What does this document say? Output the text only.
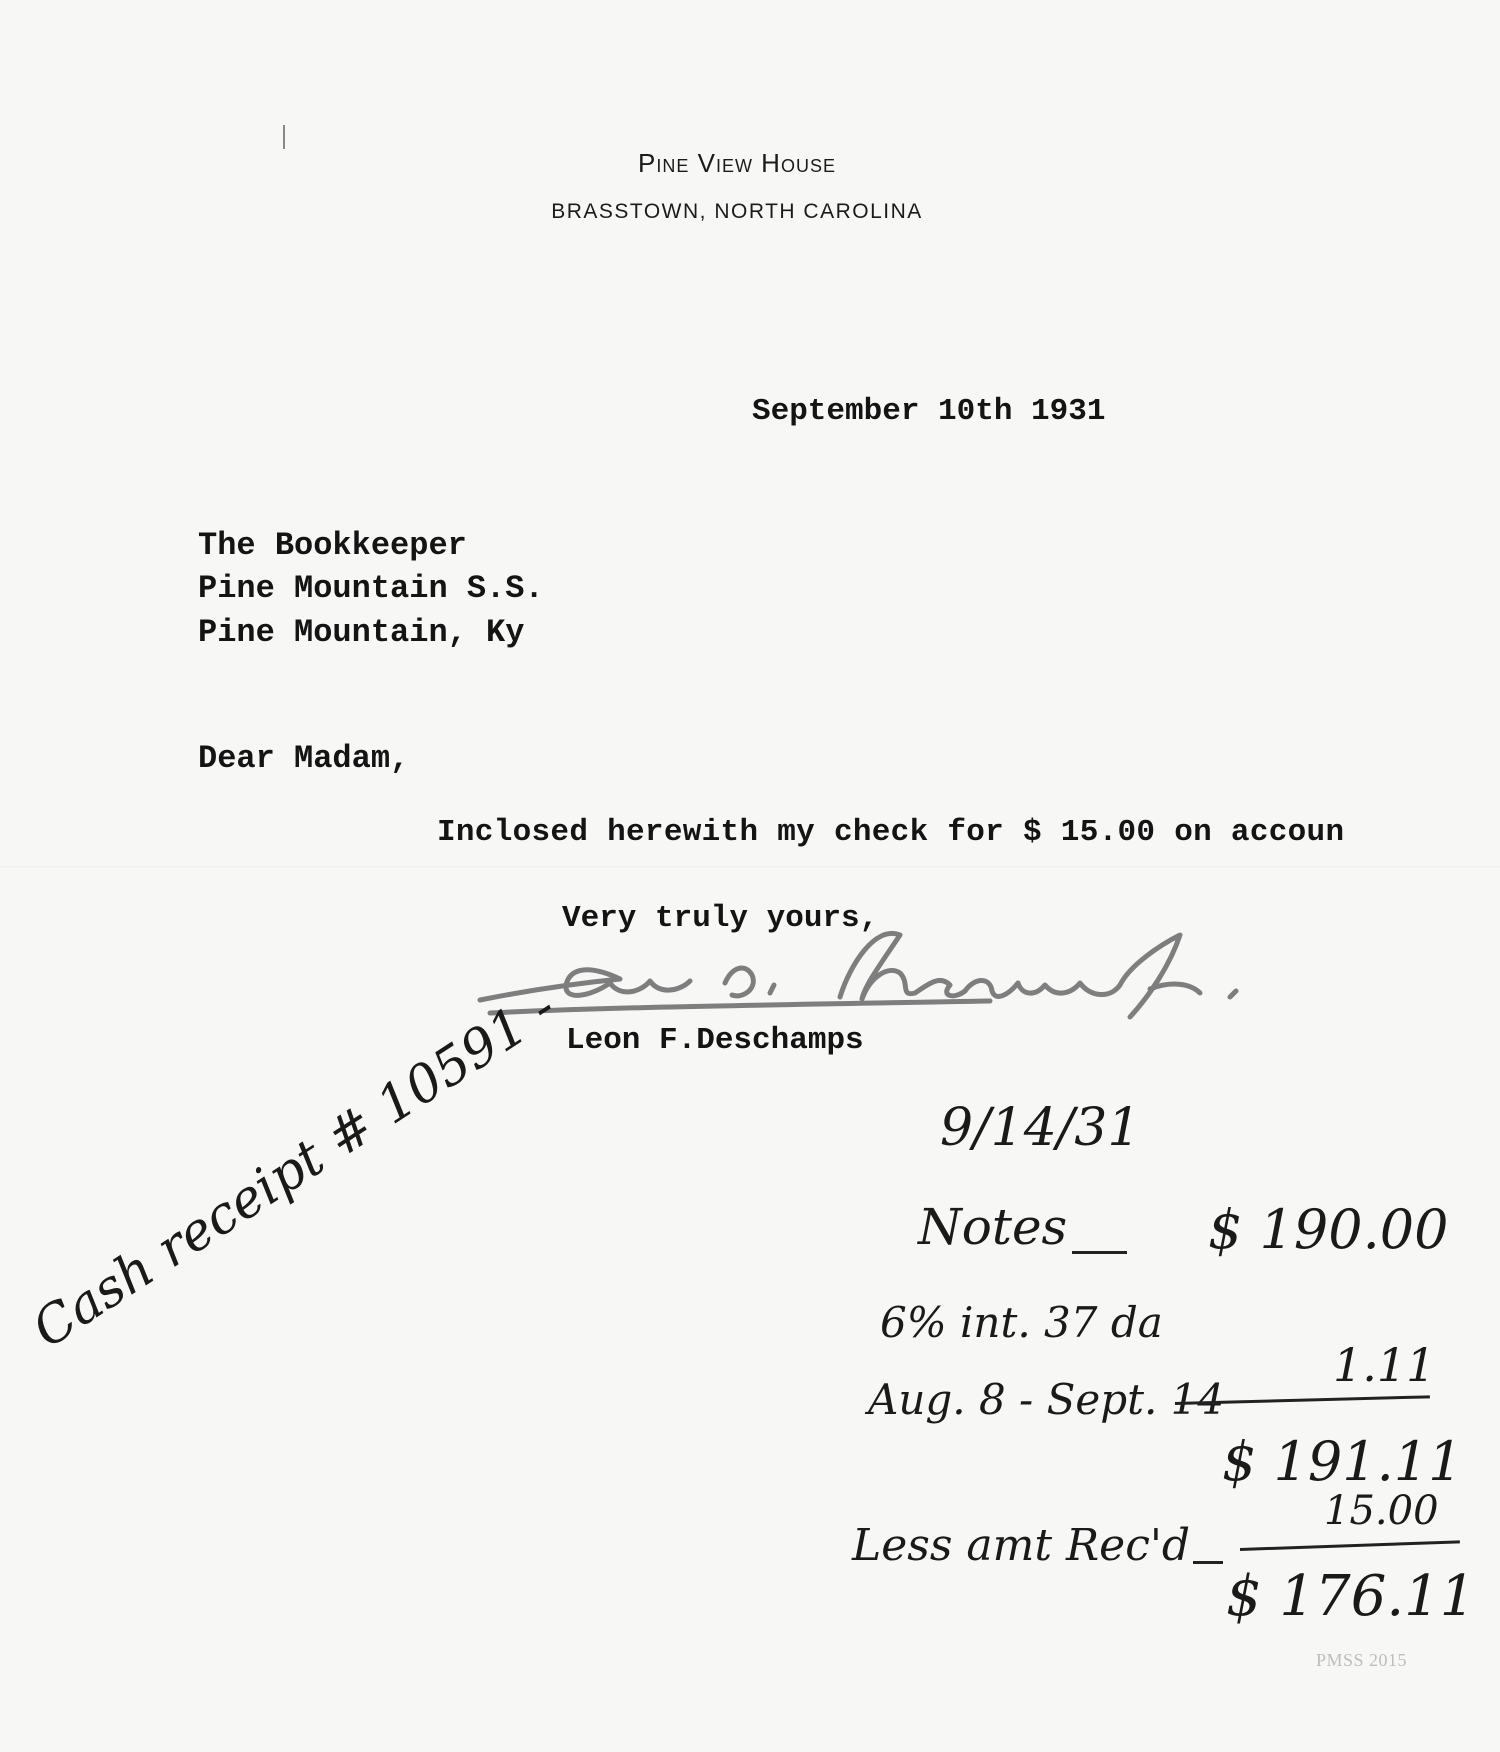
Pine View House
BRASSTOWN, NORTH CAROLINA
September 10th 1931
The Bookkeeper
Pine Mountain S.S.
Pine Mountain, Ky
Dear Madam,
Inclosed herewith my check for $ 15.00 on accoun
Very truly yours,
Leon F.Deschamps
9/14/31
Notes	$ 190.00
6% int. 37 da
Aug. 8 - Sept. 14
1.11
$ 191.11
Less amt Rec'd
15.00
$ 176.11
Cash receipt # 10591 -
PMSS 2015
